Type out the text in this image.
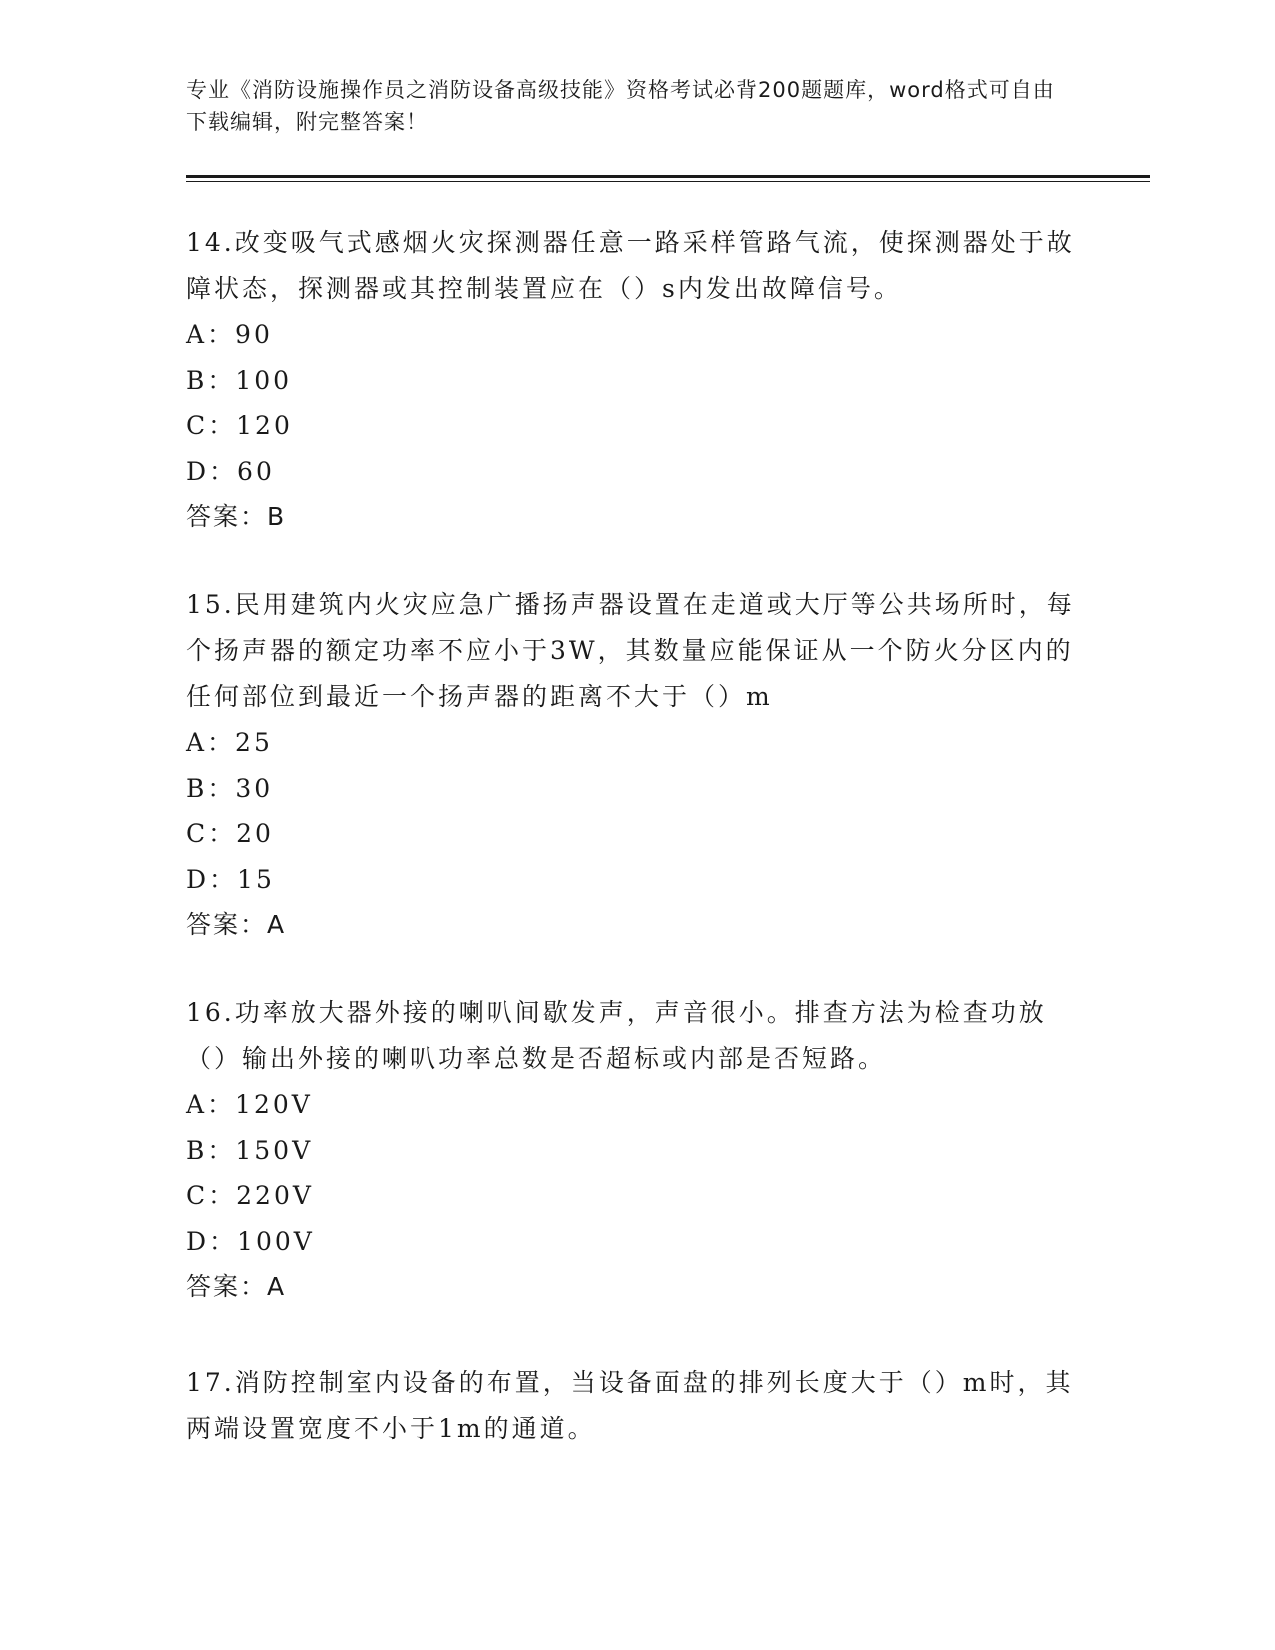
专业《消防设施操作员之消防设备高级技能》资格考试必背200题题库，word格式可自由下载编辑，附完整答案！
14.改变吸气式感烟火灾探测器任意一路采样管路气流，使探测器处于故障状态，探测器或其控制装置应在（）s内发出故障信号。
A：90
B：100
C：120
D：60
答案：B
15.民用建筑内火灾应急广播扬声器设置在走道或大厅等公共场所时，每个扬声器的额定功率不应小于3W，其数量应能保证从一个防火分区内的任何部位到最近一个扬声器的距离不大于（）m
A：25
B：30
C：20
D：15
答案：A
16.功率放大器外接的喇叭间歇发声，声音很小。排查方法为检查功放（）输出外接的喇叭功率总数是否超标或内部是否短路。
A：120V
B：150V
C：220V
D：100V
答案：A
17.消防控制室内设备的布置，当设备面盘的排列长度大于（）m时，其两端设置宽度不小于1m的通道。
